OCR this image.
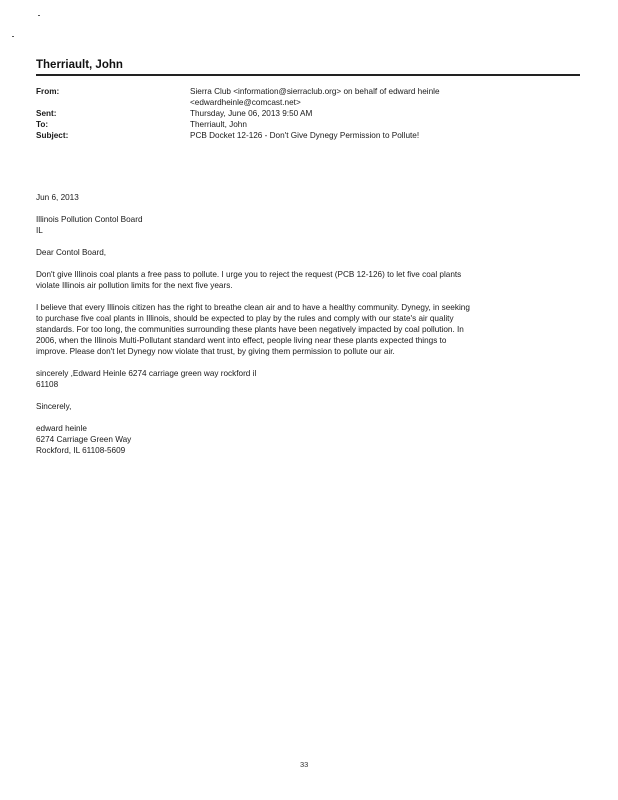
Therriault, John
From:	Sierra Club <information@sierraclub.org> on behalf of edward heinle
<edwardheinle@comcast.net>
Sent:	Thursday, June 06, 2013 9:50 AM
To:	Therriault, John
Subject:	PCB Docket 12-126 - Don't Give Dynegy Permission to Pollute!

Jun 6, 2013

Illinois Pollution Contol Board

IL

Dear Contol Board,

Don't give Illinois coal plants a free pass to pollute. I urge you to reject the request (PCB 12-126) to let five coal plants

violate Illinois air pollution limits for the next five years.

I believe that every Illinois citizen has the right to breathe clean air and to have a healthy community. Dynegy, in seeking

to purchase five coal plants in Illinois, should be expected to play by the rules and comply with our state's air quality

standards. For too long, the communities surrounding these plants have been negatively impacted by coal pollution. In

2006, when the Illinois Multi-Pollutant standard went into effect, people living near these plants expected things to

improve. Please don't let Dynegy now violate that trust, by giving them permission to pollute our air.

sincerely ,Edward Heinle 6274 carriage green way rockford il

61108

Sincerely,

edward heinle

6274 Carriage Green Way

Rockford, IL 61108-5609

33
